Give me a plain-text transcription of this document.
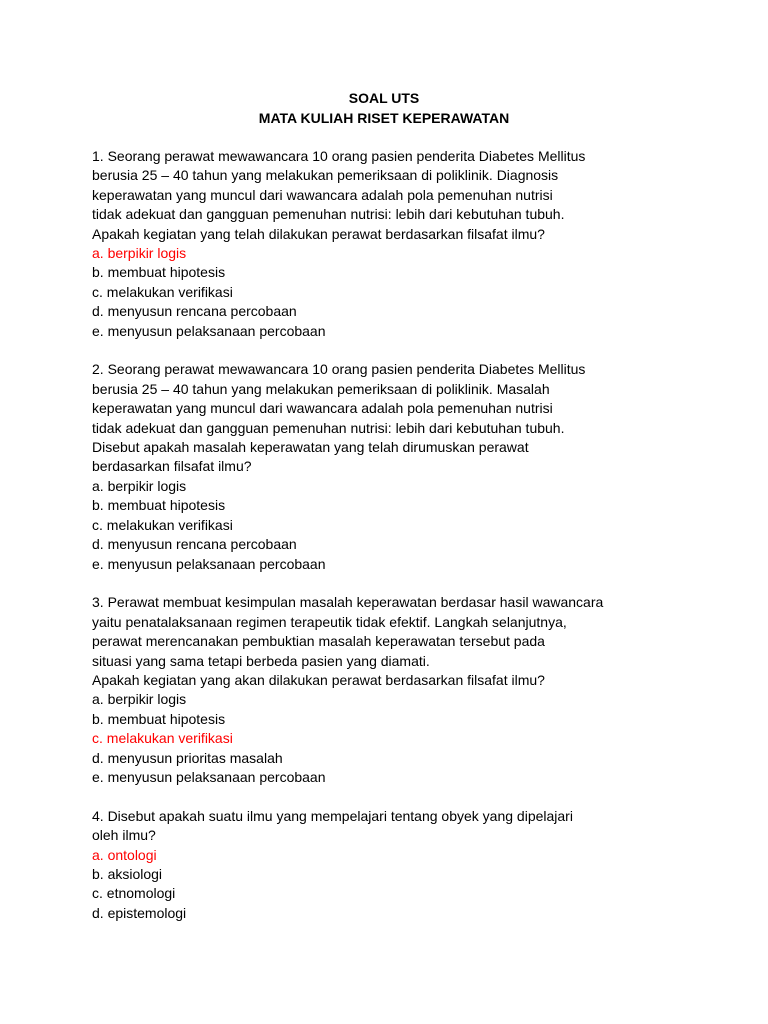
SOAL UTS
MATA KULIAH RISET KEPERAWATAN
1. Seorang perawat mewawancara 10 orang pasien penderita Diabetes Mellitus
berusia 25 – 40 tahun yang melakukan pemeriksaan di poliklinik. Diagnosis
keperawatan yang muncul dari wawancara adalah pola pemenuhan nutrisi
tidak adekuat dan gangguan pemenuhan nutrisi: lebih dari kebutuhan tubuh.
Apakah kegiatan yang telah dilakukan perawat berdasarkan filsafat ilmu?
a. berpikir logis
b. membuat hipotesis
c. melakukan verifikasi
d. menyusun rencana percobaan
e. menyusun pelaksanaan percobaan
2. Seorang perawat mewawancara 10 orang pasien penderita Diabetes Mellitus
berusia 25 – 40 tahun yang melakukan pemeriksaan di poliklinik. Masalah
keperawatan yang muncul dari wawancara adalah pola pemenuhan nutrisi
tidak adekuat dan gangguan pemenuhan nutrisi: lebih dari kebutuhan tubuh.
Disebut apakah masalah keperawatan yang telah dirumuskan perawat
berdasarkan filsafat ilmu?
a. berpikir logis
b. membuat hipotesis
c. melakukan verifikasi
d. menyusun rencana percobaan
e. menyusun pelaksanaan percobaan
3. Perawat membuat kesimpulan masalah keperawatan berdasar hasil wawancara
yaitu penatalaksanaan regimen terapeutik tidak efektif. Langkah selanjutnya,
perawat merencanakan pembuktian masalah keperawatan tersebut pada
situasi yang sama tetapi berbeda pasien yang diamati.
Apakah kegiatan yang akan dilakukan perawat berdasarkan filsafat ilmu?
a. berpikir logis
b. membuat hipotesis
c. melakukan verifikasi
d. menyusun prioritas masalah
e. menyusun pelaksanaan percobaan
4. Disebut apakah suatu ilmu yang mempelajari tentang obyek yang dipelajari
oleh ilmu?
a. ontologi
b. aksiologi
c. etnomologi
d. epistemologi
